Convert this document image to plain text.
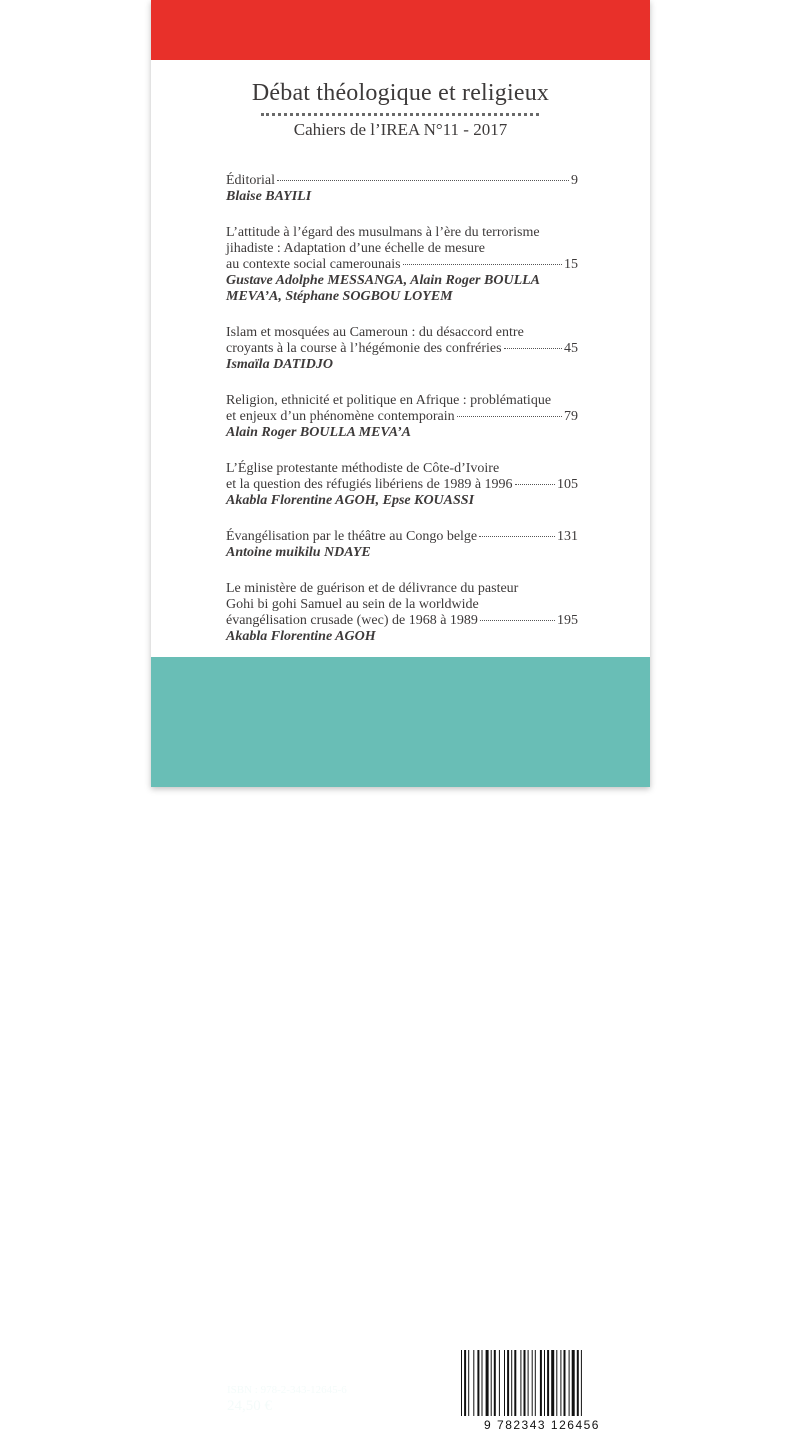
Débat théologique et religieux
Cahiers de l’IREA N°11 - 2017
Éditorial	9
Blaise BAYILI
L’attitude à l’égard des musulmans à l’ère du terrorisme
jihadiste : Adaptation d’une échelle de mesure
au contexte social camerounais	15
Gustave Adolphe MESSANGA, Alain Roger BOULLA
MEVA’A, Stéphane SOGBOU LOYEM
Islam et mosquées au Cameroun : du désaccord entre
croyants à la course à l’hégémonie des confréries	45
Ismaïla DATIDJO
Religion, ethnicité et politique en Afrique : problématique
et enjeux d’un phénomène contemporain	79
Alain Roger BOULLA MEVA’A
L’Église protestante méthodiste de Côte-d’Ivoire
et la question des réfugiés libériens de 1989 à 1996	105
Akabla Florentine AGOH, Epse KOUASSI
Évangélisation par le théâtre au Congo belge	131
Antoine muikilu NDAYE
Le ministère de guérison et de délivrance du pasteur
Gohi bi gohi Samuel au sein de la worldwide
évangélisation crusade (wec) de 1968 à 1989	195
Akabla Florentine AGOH
ISBN : 978-2-343-12645-6
24,50 €
9 782343 126456
